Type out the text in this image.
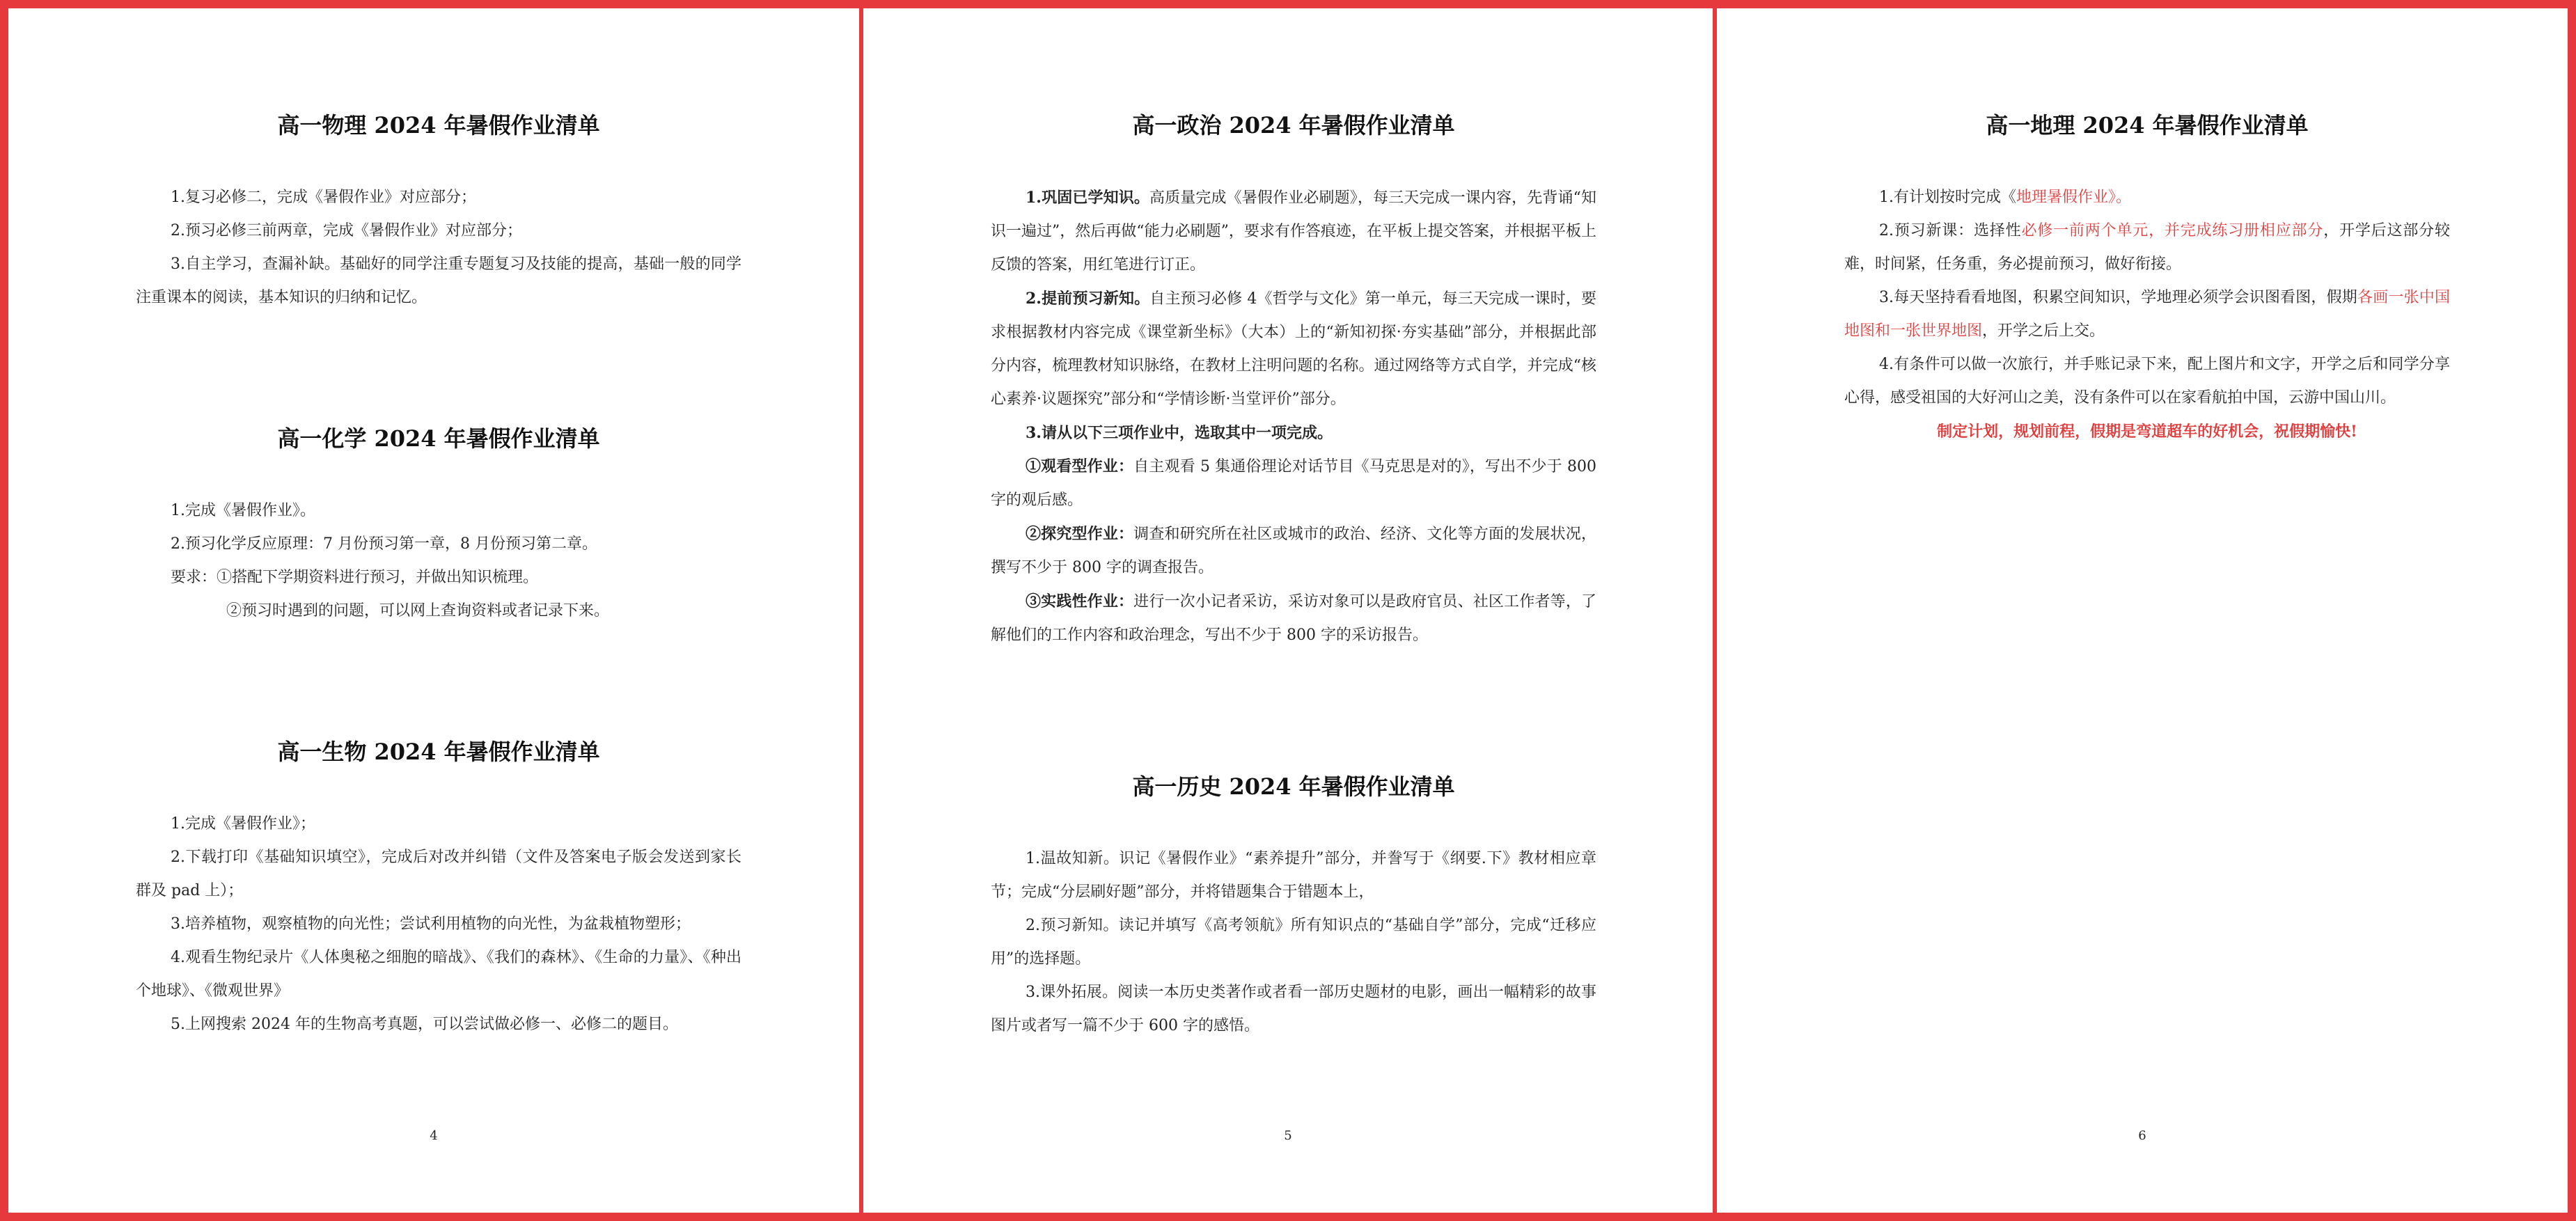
高一物理 2024 年暑假作业清单

1.复习必修二，完成《暑假作业》对应部分；

2.预习必修三前两章，完成《暑假作业》对应部分；

3.自主学习，查漏补缺。基础好的同学注重专题复习及技能的提高，基础一般的同学注重课本的阅读，基本知识的归纳和记忆。

高一化学 2024 年暑假作业清单

1.完成《暑假作业》。

2.预习化学反应原理：7 月份预习第一章，8 月份预习第二章。

要求：①搭配下学期资料进行预习，并做出知识梳理。

②预习时遇到的问题，可以网上查询资料或者记录下来。

高一生物 2024 年暑假作业清单

1.完成《暑假作业》；

2.下载打印《基础知识填空》，完成后对改并纠错（文件及答案电子版会发送到家长群及 pad 上）；

3.培养植物，观察植物的向光性；尝试利用植物的向光性，为盆栽植物塑形；

4.观看生物纪录片《人体奥秘之细胞的暗战》、《我们的森林》、《生命的力量》、《种出个地球》、《微观世界》

5.上网搜索 2024 年的生物高考真题，可以尝试做必修一、必修二的题目。

4
高一政治 2024 年暑假作业清单

1.巩固已学知识。高质量完成《暑假作业必刷题》，每三天完成一课内容，先背诵“知识一遍过”，然后再做“能力必刷题”，要求有作答痕迹，在平板上提交答案，并根据平板上反馈的答案，用红笔进行订正。

2.提前预习新知。自主预习必修 4《哲学与文化》第一单元，每三天完成一课时，要求根据教材内容完成《课堂新坐标》（大本）上的“新知初探·夯实基础”部分，并根据此部分内容，梳理教材知识脉络，在教材上注明问题的名称。通过网络等方式自学，并完成“核心素养·议题探究”部分和“学情诊断·当堂评价”部分。

3.请从以下三项作业中，选取其中一项完成。

①观看型作业：自主观看 5 集通俗理论对话节目《马克思是对的》，写出不少于 800 字的观后感。

②探究型作业：调查和研究所在社区或城市的政治、经济、文化等方面的发展状况，撰写不少于 800 字的调查报告。

③实践性作业：进行一次小记者采访，采访对象可以是政府官员、社区工作者等，了解他们的工作内容和政治理念，写出不少于 800 字的采访报告。

高一历史 2024 年暑假作业清单

1.温故知新。识记《暑假作业》“素养提升”部分，并誊写于《纲要.下》教材相应章节；完成“分层刷好题”部分，并将错题集合于错题本上，

2.预习新知。读记并填写《高考领航》所有知识点的“基础自学”部分，完成“迁移应用”的选择题。

3.课外拓展。阅读一本历史类著作或者看一部历史题材的电影，画出一幅精彩的故事图片或者写一篇不少于 600 字的感悟。

5
高一地理 2024 年暑假作业清单

1.有计划按时完成《地理暑假作业》。

2.预习新课：选择性必修一前两个单元，并完成练习册相应部分，开学后这部分较难，时间紧，任务重，务必提前预习，做好衔接。

3.每天坚持看看地图，积累空间知识，学地理必须学会识图看图，假期各画一张中国地图和一张世界地图，开学之后上交。

4.有条件可以做一次旅行，并手账记录下来，配上图片和文字，开学之后和同学分享心得，感受祖国的大好河山之美，没有条件可以在家看航拍中国，云游中国山川。

制定计划，规划前程，假期是弯道超车的好机会，祝假期愉快!

6
